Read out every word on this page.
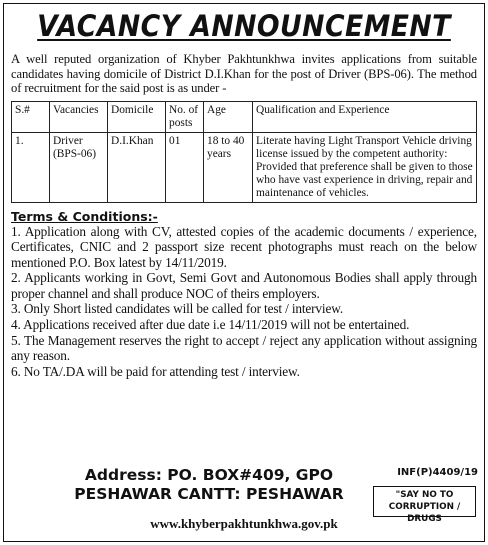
VACANCY ANNOUNCEMENT
A well reputed organization of Khyber Pakhtunkhwa invites applications from suitable candidates having domicile of District D.I.Khan for the post of Driver (BPS-06). The method of recruitment for the said post is as under -
S.#	Vacancies	Domicile	No. of posts	Age	Qualification and Experience
1.	Driver (BPS-06)	D.I.Khan	01	18 to 40 years	Literate having Light Transport Vehicle driving license issued by the competent authority:
Provided that preference shall be given to those who have vast experience in driving, repair and maintenance of vehicles.
Terms & Conditions:-

1. Application along with CV, attested copies of the academic documents / experience, Certificates, CNIC and 2 passport size recent photographs must reach on the below mentioned P.O. Box latest by 14/11/2019.

2. Applicants working in Govt, Semi Govt and Autonomous Bodies shall apply through proper channel and shall produce NOC of theirs employers.

3. Only Short listed candidates will be called for test / interview.

4. Applications received after due date i.e 14/11/2019 will not be entertained.

5. The Management reserves the right to accept / reject any application without assigning any reason.

6. No TA/.DA will be paid for attending test / interview.

Address: PO. BOX#409, GPO
PESHAWAR CANTT: PESHAWAR
INF(P)4409/19
"SAY NO TO
CORRUPTION / DRUGS
www.khyberpakhtunkhwa.gov.pk
